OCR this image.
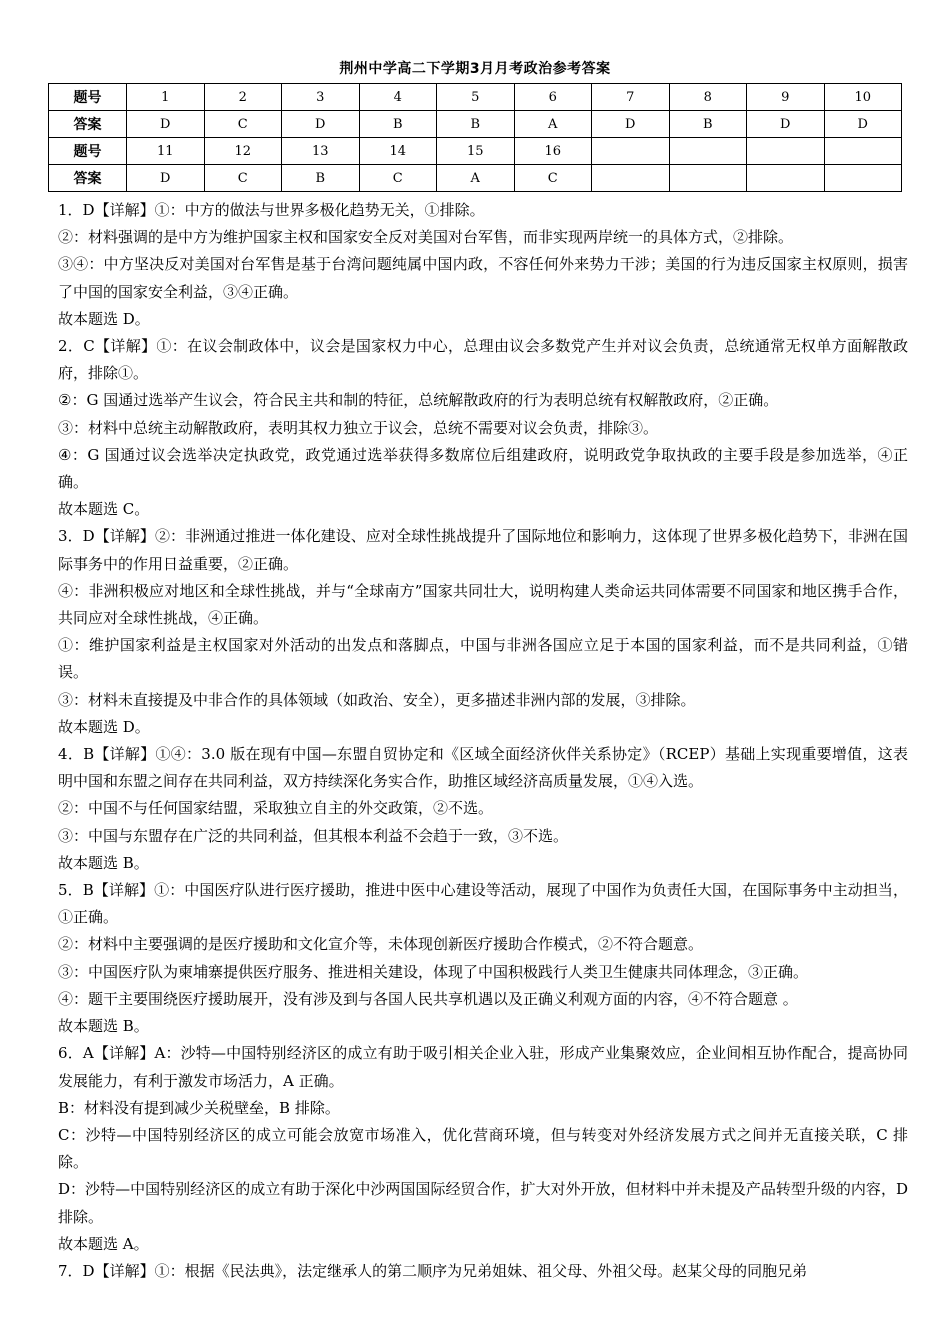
荆州中学高二下学期3月月考政治参考答案
题号	1	2	3	4	5	6	7	8	9	10
答案	D	C	D	B	B	A	D	B	D	D
题号	11	12	13	14	15	16				
答案	D	C	B	C	A	C				

1．D【详解】①：中方的做法与世界多极化趋势无关，①排除。

②：材料强调的是中方为维护国家主权和国家安全反对美国对台军售，而非实现两岸统一的具体方式，②排除。

③④：中方坚决反对美国对台军售是基于台湾问题纯属中国内政，不容任何外来势力干涉；美国的行为违反国家主权原则，损害了中国的国家安全利益，③④正确。

故本题选 D。

2．C【详解】①：在议会制政体中，议会是国家权力中心，总理由议会多数党产生并对议会负责，总统通常无权单方面解散政府，排除①。

②：G 国通过选举产生议会，符合民主共和制的特征，总统解散政府的行为表明总统有权解散政府，②正确。

③：材料中总统主动解散政府，表明其权力独立于议会，总统不需要对议会负责，排除③。

④：G 国通过议会选举决定执政党，政党通过选举获得多数席位后组建政府，说明政党争取执政的主要手段是参加选举，④正确。

故本题选 C。

3．D【详解】②：非洲通过推进一体化建设、应对全球性挑战提升了国际地位和影响力，这体现了世界多极化趋势下，非洲在国际事务中的作用日益重要，②正确。

④：非洲积极应对地区和全球性挑战，并与“全球南方”国家共同壮大，说明构建人类命运共同体需要不同国家和地区携手合作，共同应对全球性挑战，④正确。

①：维护国家利益是主权国家对外活动的出发点和落脚点，中国与非洲各国应立足于本国的国家利益，而不是共同利益，①错误。

③：材料未直接提及中非合作的具体领域（如政治、安全），更多描述非洲内部的发展，③排除。

故本题选 D。

4．B【详解】①④：3.0 版在现有中国—东盟自贸协定和《区域全面经济伙伴关系协定》（RCEP）基础上实现重要增值，这表明中国和东盟之间存在共同利益，双方持续深化务实合作，助推区域经济高质量发展，①④入选。

②：中国不与任何国家结盟，采取独立自主的外交政策，②不选。

③：中国与东盟存在广泛的共同利益，但其根本利益不会趋于一致，③不选。

故本题选 B。

5．B【详解】①：中国医疗队进行医疗援助，推进中医中心建设等活动，展现了中国作为负责任大国，在国际事务中主动担当，①正确。

②：材料中主要强调的是医疗援助和文化宣介等，未体现创新医疗援助合作模式，②不符合题意。

③：中国医疗队为柬埔寨提供医疗服务、推进相关建设，体现了中国积极践行人类卫生健康共同体理念，③正确。

④：题干主要围绕医疗援助展开，没有涉及到与各国人民共享机遇以及正确义利观方面的内容，④不符合题意 。

故本题选 B。

6．A【详解】A：沙特—中国特别经济区的成立有助于吸引相关企业入驻，形成产业集聚效应，企业间相互协作配合，提高协同发展能力，有利于激发市场活力，A 正确。

B：材料没有提到减少关税壁垒，B 排除。

C：沙特—中国特别经济区的成立可能会放宽市场准入，优化营商环境，但与转变对外经济发展方式之间并无直接关联，C 排除。

D：沙特—中国特别经济区的成立有助于深化中沙两国国际经贸合作，扩大对外开放，但材料中并未提及产品转型升级的内容，D 排除。

故本题选 A。

7．D【详解】①：根据《民法典》，法定继承人的第二顺序为兄弟姐妹、祖父母、外祖父母。赵某父母的同胞兄弟
